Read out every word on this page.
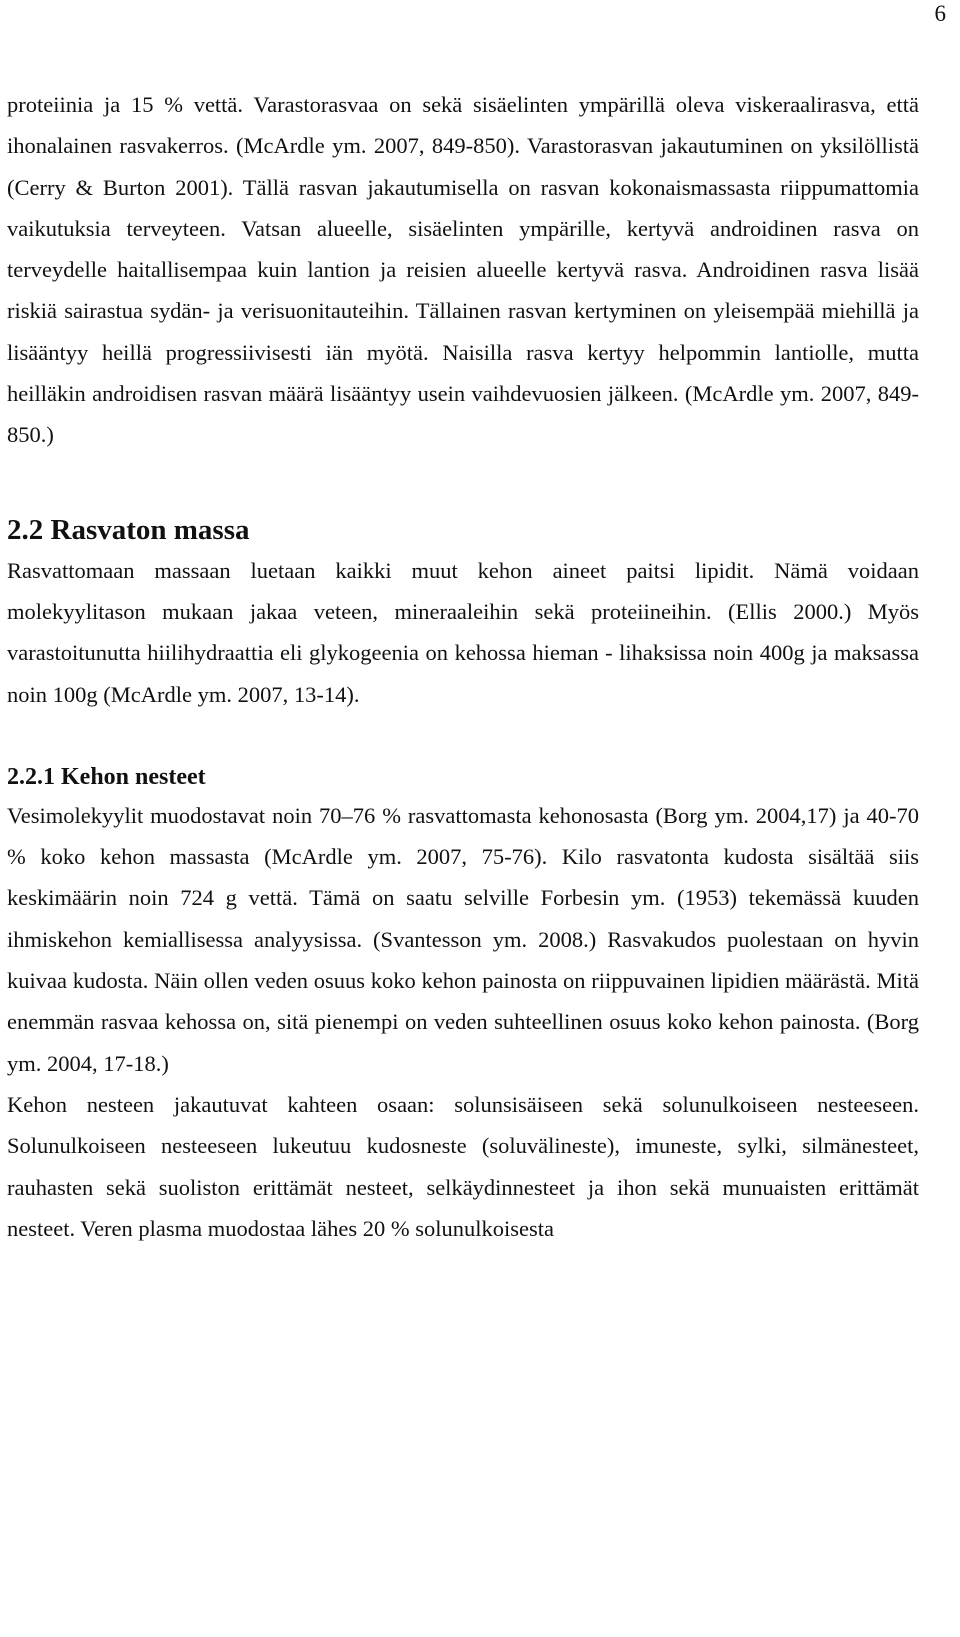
6

proteiinia ja 15 % vettä. Varastorasvaa on sekä sisäelinten ympärillä oleva viskeraalirasva, että ihonalainen rasvakerros. (McArdle ym. 2007, 849-850). Varastorasvan jakautuminen on yksilöllistä (Cerry & Burton 2001). Tällä rasvan jakautumisella on rasvan kokonaismassasta riippumattomia vaikutuksia terveyteen. Vatsan alueelle, sisäelinten ympärille, kertyvä androidinen rasva on terveydelle haitallisempaa kuin lantion ja reisien alueelle kertyvä rasva. Androidinen rasva lisää riskiä sairastua sydän- ja verisuonitauteihin. Tällainen rasvan kertyminen on yleisempää miehillä ja lisääntyy heillä progressiivisesti iän myötä. Naisilla rasva kertyy helpommin lantiolle, mutta heilläkin androidisen rasvan määrä lisääntyy usein vaihdevuosien jälkeen. (McArdle ym. 2007, 849-850.)

2.2 Rasvaton massa

Rasvattomaan massaan luetaan kaikki muut kehon aineet paitsi lipidit. Nämä voidaan molekyylitason mukaan jakaa veteen, mineraaleihin sekä proteiineihin. (Ellis 2000.) Myös varastoitunutta hiilihydraattia eli glykogeenia on kehossa hieman - lihaksissa noin 400g ja maksassa noin 100g (McArdle ym. 2007, 13-14).

2.2.1 Kehon nesteet

Vesimolekyylit muodostavat noin 70–76 % rasvattomasta kehonosasta (Borg ym. 2004,17) ja 40-70 % koko kehon massasta (McArdle ym. 2007, 75-76). Kilo rasvatonta kudosta sisältää siis keskimäärin noin 724 g vettä. Tämä on saatu selville Forbesin ym. (1953) tekemässä kuuden ihmiskehon kemiallisessa analyysissa. (Svantesson ym. 2008.) Rasvakudos puolestaan on hyvin kuivaa kudosta. Näin ollen veden osuus koko kehon painosta on riippuvainen lipidien määrästä. Mitä enemmän rasvaa kehossa on, sitä pienempi on veden suhteellinen osuus koko kehon painosta. (Borg ym. 2004, 17-18.)

Kehon nesteen jakautuvat kahteen osaan: solunsisäiseen sekä solunulkoiseen nesteeseen. Solunulkoiseen nesteeseen lukeutuu kudosneste (soluvälineste), imuneste, sylki, silmänesteet, rauhasten sekä suoliston erittämät nesteet, selkäydinnesteet ja ihon sekä munuaisten erittämät nesteet. Veren plasma muodostaa lähes 20 % solunulkoisesta
